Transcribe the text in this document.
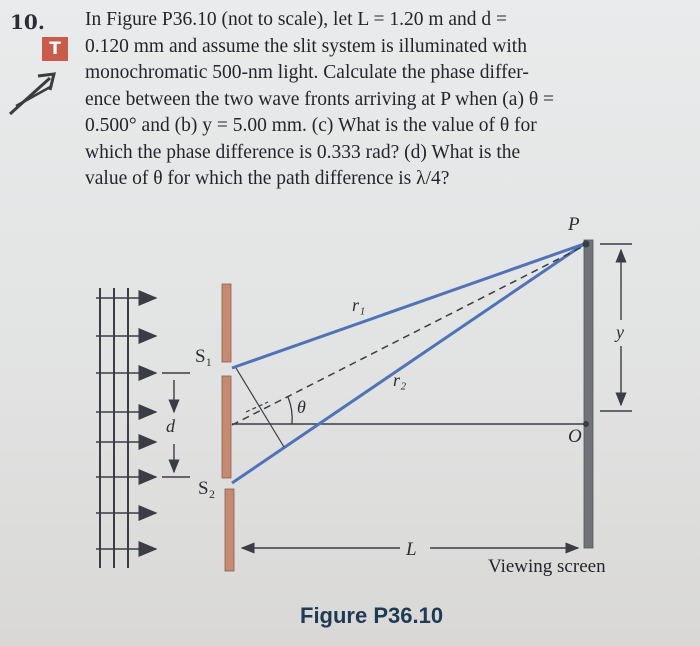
10.
T

In Figure P36.10 (not to scale), let L = 1.20 m and d =
0.120 mm and assume the slit system is illuminated with
monochromatic 500-nm light. Calculate the phase differ-
ence between the two wave fronts arriving at P when (a) θ =
0.500° and (b) y = 5.00 mm. (c) What is the value of θ for
which the phase difference is 0.333 rad? (d) What is the
value of θ for which the path difference is λ/4?

d
S₁
S₂
θ
r₁
r₂
P
O
y
L

Viewing screen

Figure P36.10
